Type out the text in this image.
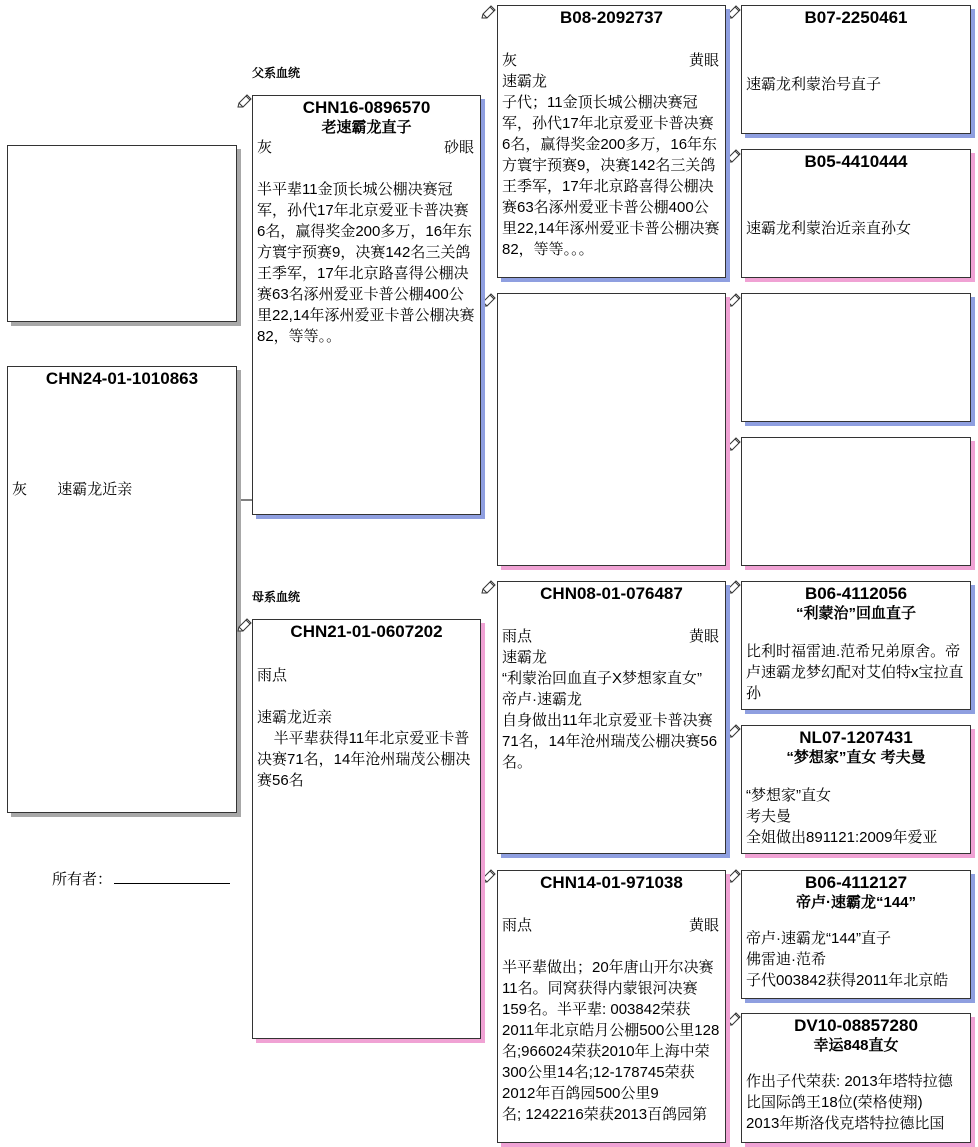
父系血统
母系血统
CHN24-01-1010863
灰 速霸龙近亲
所有者：
CHN16-0896570
老速霸龙直子
灰	砂眼
半平辈11金顶长城公棚决赛冠军，孙代17年北京爱亚卡普决赛6名，赢得奖金200多万，16年东方寰宇预赛9，决赛142名三关鸽王季军，17年北京路喜得公棚决赛63名涿州爱亚卡普公棚400公里22,14年涿州爱亚卡普公棚决赛82，等等。。
CHN21-01-0607202
雨点
速霸龙近亲
半平辈获得11年北京爱亚卡普决赛71名，14年沧州瑞茂公棚决赛56名
B08-2092737
灰	黄眼
速霸龙
子代；11金顶长城公棚决赛冠军，孙代17年北京爱亚卡普决赛6名，赢得奖金200多万，16年东方寰宇预赛9，决赛142名三关鸽王季军，17年北京路喜得公棚决赛63名涿州爱亚卡普公棚400公里22,14年涿州爱亚卡普公棚决赛82，等等。。。
CHN08-01-076487
雨点	黄眼
速霸龙
“利蒙治回血直子X梦想家直女”
帝卢·速霸龙
自身做出11年北京爱亚卡普决赛71名，14年沧州瑞茂公棚决赛56名。
CHN14-01-971038
雨点	黄眼
半平辈做出；20年唐山开尔决赛11名。同窝获得内蒙银河决赛159名。半平辈: 003842荣获2011年北京皓月公棚500公里128
名;966024荣获2010年上海中荣300公里14名;12-178745荣获2012年百鸽园500公里9
名; 1242216荣获2013百鸽园第
B07-2250461
速霸龙利蒙治号直子
B05-4410444
速霸龙利蒙治近亲直孙女
B06-4112056
“利蒙治”回血直子
比利时福雷迪.范希兄弟原舍。帝卢速霸龙梦幻配对艾伯特x宝拉直孙
NL07-1207431
“梦想家”直女 考夫曼
“梦想家”直女
考夫曼
全姐做出891121:2009年爱亚
B06-4112127
帝卢·速霸龙“144”
帝卢·速霸龙“144”直子
佛雷迪·范希
子代003842获得2011年北京皓
DV10-08857280
幸运848直女
作出子代荣获: 2013年塔特拉德比国际鸽王18位(荣格使翔)
2013年斯洛伐克塔特拉德比国
